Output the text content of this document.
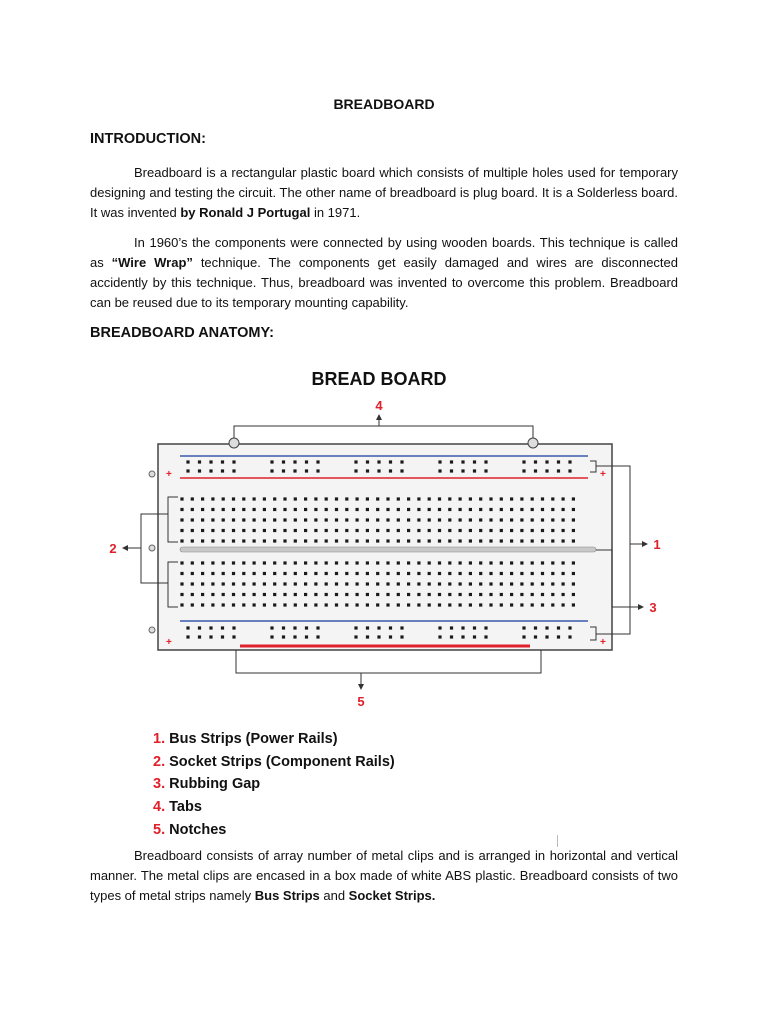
BREADBOARD
INTRODUCTION:
Breadboard is a rectangular plastic board which consists of multiple holes used for temporary designing and testing the circuit. The other name of breadboard is plug board. It is a Solderless board. It was invented by Ronald J Portugal in 1971.
In 1960’s the components were connected by using wooden boards. This technique is called as “Wire Wrap” technique. The components get easily damaged and wires are disconnected accidently by this technique. Thus, breadboard was invented to overcome this problem. Breadboard can be reused due to its temporary mounting capability.
BREADBOARD ANATOMY:
BREAD BOARD
4
5
+	+
+	+
2	1
3
1. Bus Strips (Power Rails)
2. Socket Strips (Component Rails)
3. Rubbing Gap
4. Tabs
5. Notches
Breadboard consists of array number of metal clips and is arranged in horizontal and vertical manner. The metal clips are encased in a box made of white ABS plastic. Breadboard consists of two types of metal strips namely Bus Strips and Socket Strips.
